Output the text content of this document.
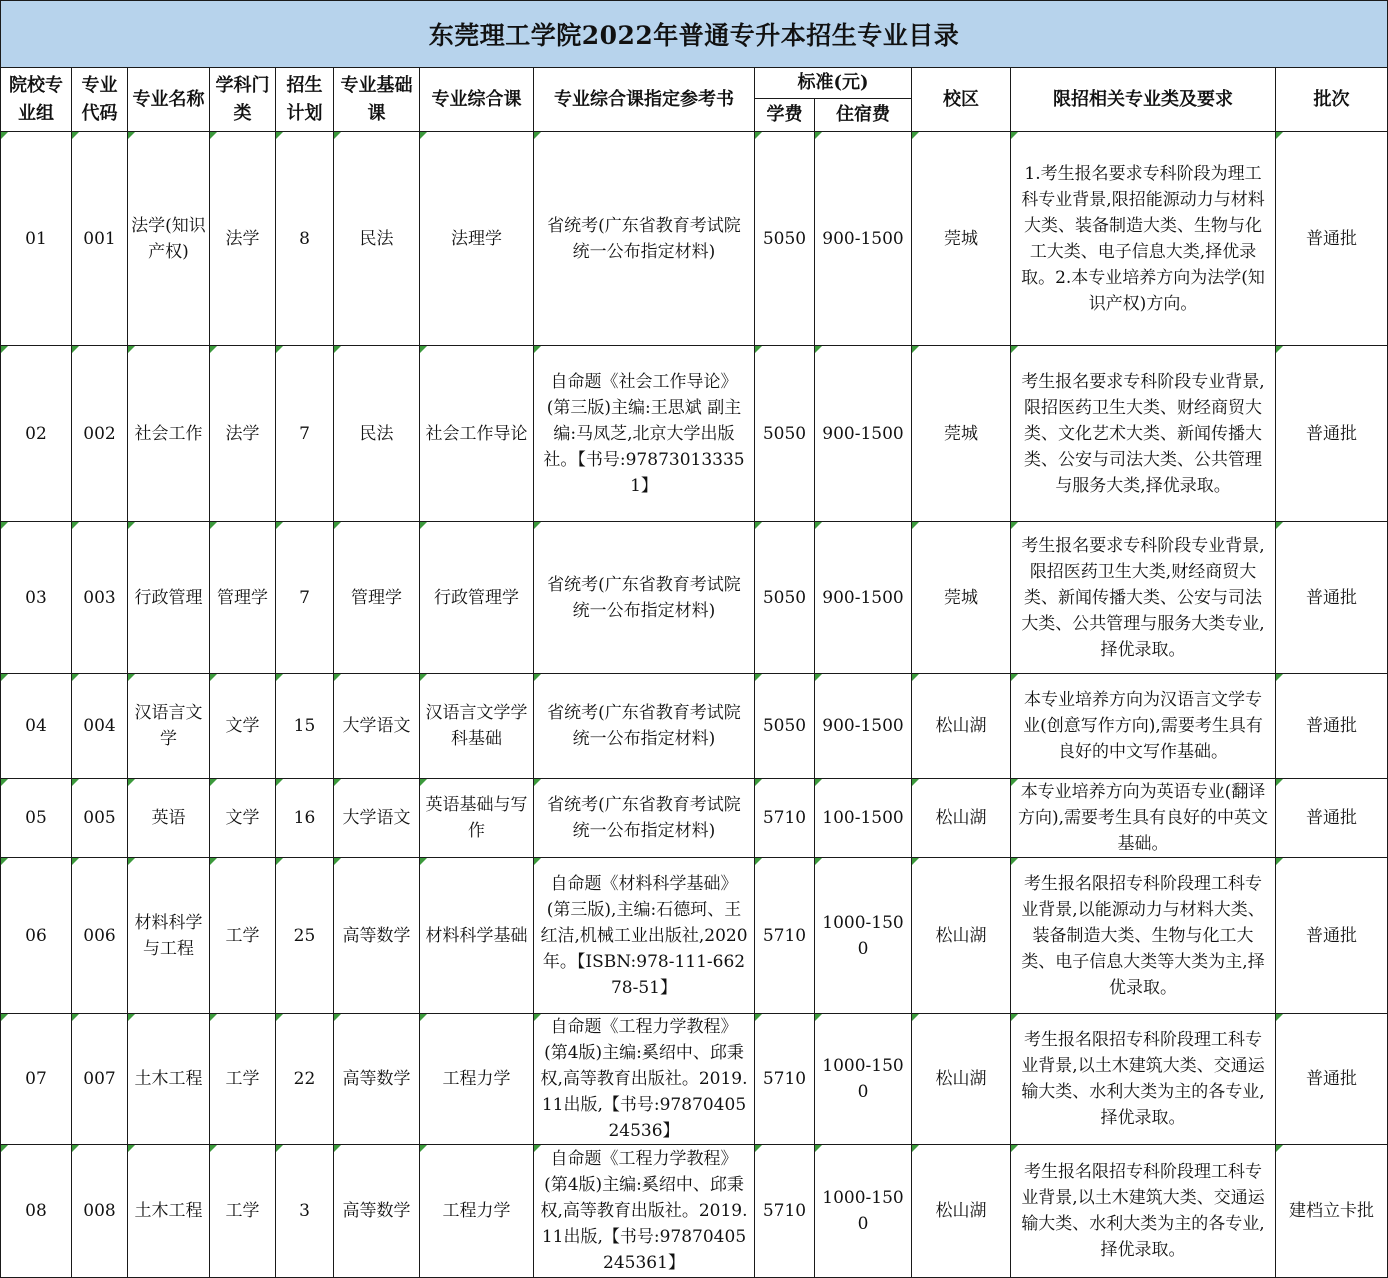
东莞理工学院2022年普通专升本招生专业目录
院校专业组	专业代码	专业名称	学科门类	招生计划	专业基础课	专业综合课	专业综合课指定参考书	标准(元)		校区	限招相关专业类及要求	批次
								学费	住宿费			
01	001	法学(知识产权)	法学	8	民法	法理学	省统考(广东省教育考试院统一公布指定材料)	5050	900-1500	莞城	1.考生报名要求专科阶段为理工科专业背景,限招能源动力与材料大类、装备制造大类、生物与化工大类、电子信息大类,择优录取。2.本专业培养方向为法学(知识产权)方向。	普通批
02	002	社会工作	法学	7	民法	社会工作导论	自命题《社会工作导论》(第三版)主编:王思斌 副主编:马凤芝,北京大学出版社。【书号:978730133351】	5050	900-1500	莞城	考生报名要求专科阶段专业背景,限招医药卫生大类、财经商贸大类、文化艺术大类、新闻传播大类、公安与司法大类、公共管理与服务大类,择优录取。	普通批
03	003	行政管理	管理学	7	管理学	行政管理学	省统考(广东省教育考试院统一公布指定材料)	5050	900-1500	莞城	考生报名要求专科阶段专业背景,限招医药卫生大类,财经商贸大类、新闻传播大类、公安与司法大类、公共管理与服务大类专业,择优录取。	普通批
04	004	汉语言文学	文学	15	大学语文	汉语言文学学科基础	省统考(广东省教育考试院统一公布指定材料)	5050	900-1500	松山湖	本专业培养方向为汉语言文学专业(创意写作方向),需要考生具有良好的中文写作基础。	普通批
05	005	英语	文学	16	大学语文	英语基础与写作	省统考(广东省教育考试院统一公布指定材料)	5710	100-1500	松山湖	本专业培养方向为英语专业(翻译方向),需要考生具有良好的中英文基础。	普通批
06	006	材料科学与工程	工学	25	高等数学	材料科学基础	自命题《材料科学基础》(第三版),主编:石德珂、王红洁,机械工业出版社,2020年。【ISBN:978-111-66278-51】	5710	1000-1500	松山湖	考生报名限招专科阶段理工科专业背景,以能源动力与材料大类、装备制造大类、生物与化工大类、电子信息大类等大类为主,择优录取。	普通批
07	007	土木工程	工学	22	高等数学	工程力学	自命题《工程力学教程》(第4版)主编:奚绍中、邱秉权,高等教育出版社。2019.11出版,【书号:9787040524536】	5710	1000-1500	松山湖	考生报名限招专科阶段理工科专业背景,以土木建筑大类、交通运输大类、水利大类为主的各专业,择优录取。	普通批
08	008	土木工程	工学	3	高等数学	工程力学	自命题《工程力学教程》(第4版)主编:奚绍中、邱秉权,高等教育出版社。2019.11出版,【书号:97870405245361】	5710	1000-1500	松山湖	考生报名限招专科阶段理工科专业背景,以土木建筑大类、交通运输大类、水利大类为主的各专业,择优录取。	建档立卡批
